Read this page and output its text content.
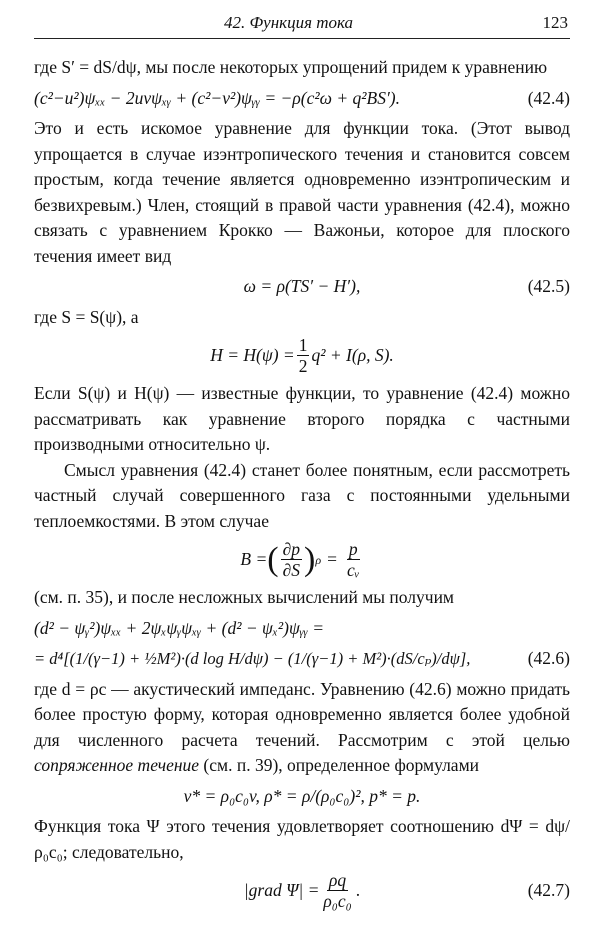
42. Функция тока	123

где S′ = dS/dψ, мы после некоторых упрощений придем к уравнению

(c²−u²)ψₓₓ − 2uvψₓᵧ + (c²−v²)ψᵧᵧ = −ρ(c²ω + q²BS′).	(42.4)

Это и есть искомое уравнение для функции тока. (Этот вывод упрощается в случае изэнтропического течения и становится совсем простым, когда течение является одновременно изэнтропическим и безвихревым.) Член, стоящий в правой части уравнения (42.4), можно связать с уравнением Крокко — Важоньи, которое для плоского течения имеет вид

ω = ρ(TS′ − H′),	(42.5)

где S = S(ψ), а

$H = H(\psi) = \frac{1}{2} q^2 + I(\rho$, S).

Если S(ψ) и H(ψ) — известные функции, то уравнение (42.4) можно рассматривать как уравнение второго порядка с частными производными относительно ψ.

Смысл уравнения (42.4) станет более понятным, если рассмотреть частный случай совершенного газа с постоянными удельными теплоемкостями. В этом случае

B = ( $\frac{\partial p}{\partial S}$ ) $\rho = \frac{p}{\text{cᵥ}}$

(см. п. 35), и после несложных вычислений мы получим

(d² − ψᵧ²)ψₓₓ + 2ψₓψᵧψₓᵧ + (d² − ψₓ²)ψᵧᵧ =
= d⁴[(1/(γ−1) + ½M²)·(d log H/dψ) − (1/(γ−1) + M²)·(dS/cₚ)/dψ],	(42.6)

где d = ρc — акустический импеданс. Уравнению (42.6) можно придать более простую форму, которая одновременно является более удобной для численного расчета течений. Рассмотрим с этой целью сопряженное течение (см. п. 39), определенное формулами

v* = ρ₀c₀v, ρ* = ρ/(ρ₀c₀)², p* = p.

Функция тока Ψ этого течения удовлетворяет соотношению dΨ = dψ/ρ₀c₀; следовательно,

|grad $\Psi| = \frac{\rho q}{\text{ρ₀c₀}}$ .	(42.7)
